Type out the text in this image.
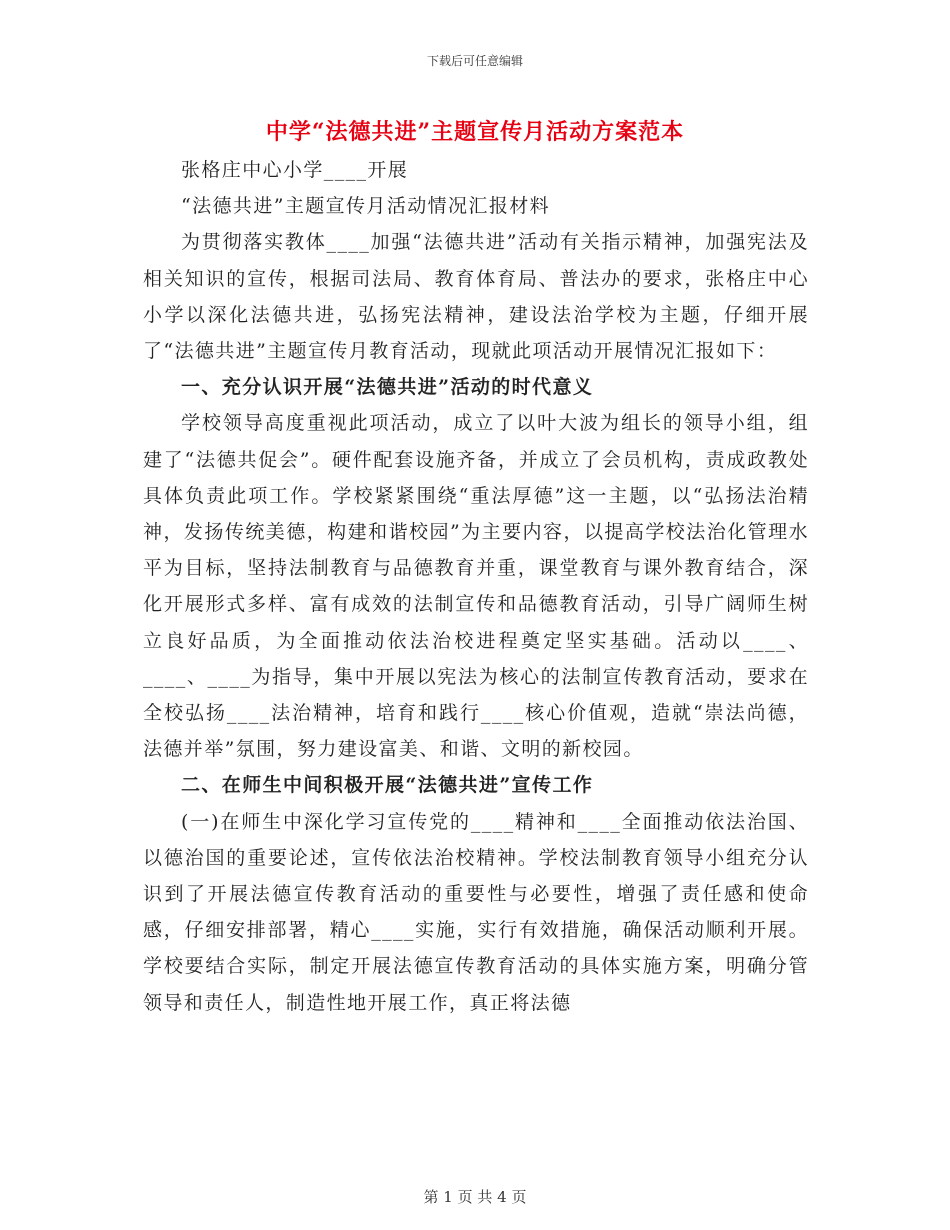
下载后可任意编辑
中学“法德共进”主题宣传月活动方案范本

张格庄中心小学____开展

“法德共进”主题宣传月活动情况汇报材料

为贯彻落实教体____加强“法德共进”活动有关指示精神，加强宪法及相关知识的宣传，根据司法局、教育体育局、普法办的要求，张格庄中心小学以深化法德共进，弘扬宪法精神，建设法治学校为主题，仔细开展了“法德共进”主题宣传月教育活动，现就此项活动开展情况汇报如下：

一、充分认识开展“法德共进”活动的时代意义

学校领导高度重视此项活动，成立了以叶大波为组长的领导小组，组建了“法德共促会”。硬件配套设施齐备，并成立了会员机构，责成政教处具体负责此项工作。学校紧紧围绕“重法厚德”这一主题，以“弘扬法治精神，发扬传统美德，构建和谐校园”为主要内容，以提高学校法治化管理水平为目标，坚持法制教育与品德教育并重，课堂教育与课外教育结合，深化开展形式多样、富有成效的法制宣传和品德教育活动，引导广阔师生树立良好品质，为全面推动依法治校进程奠定坚实基础。活动以____、____、____为指导，集中开展以宪法为核心的法制宣传教育活动，要求在全校弘扬____法治精神，培育和践行____核心价值观，造就“崇法尚德，法德并举”氛围，努力建设富美、和谐、文明的新校园。

二、在师生中间积极开展“法德共进”宣传工作

(一)在师生中深化学习宣传党的____精神和____全面推动依法治国、以德治国的重要论述，宣传依法治校精神。学校法制教育领导小组充分认识到了开展法德宣传教育活动的重要性与必要性，增强了责任感和使命感，仔细安排部署，精心____实施，实行有效措施，确保活动顺利开展。学校要结合实际，制定开展法德宣传教育活动的具体实施方案，明确分管领导和责任人，制造性地开展工作，真正将法德

第 1 页 共 4 页
